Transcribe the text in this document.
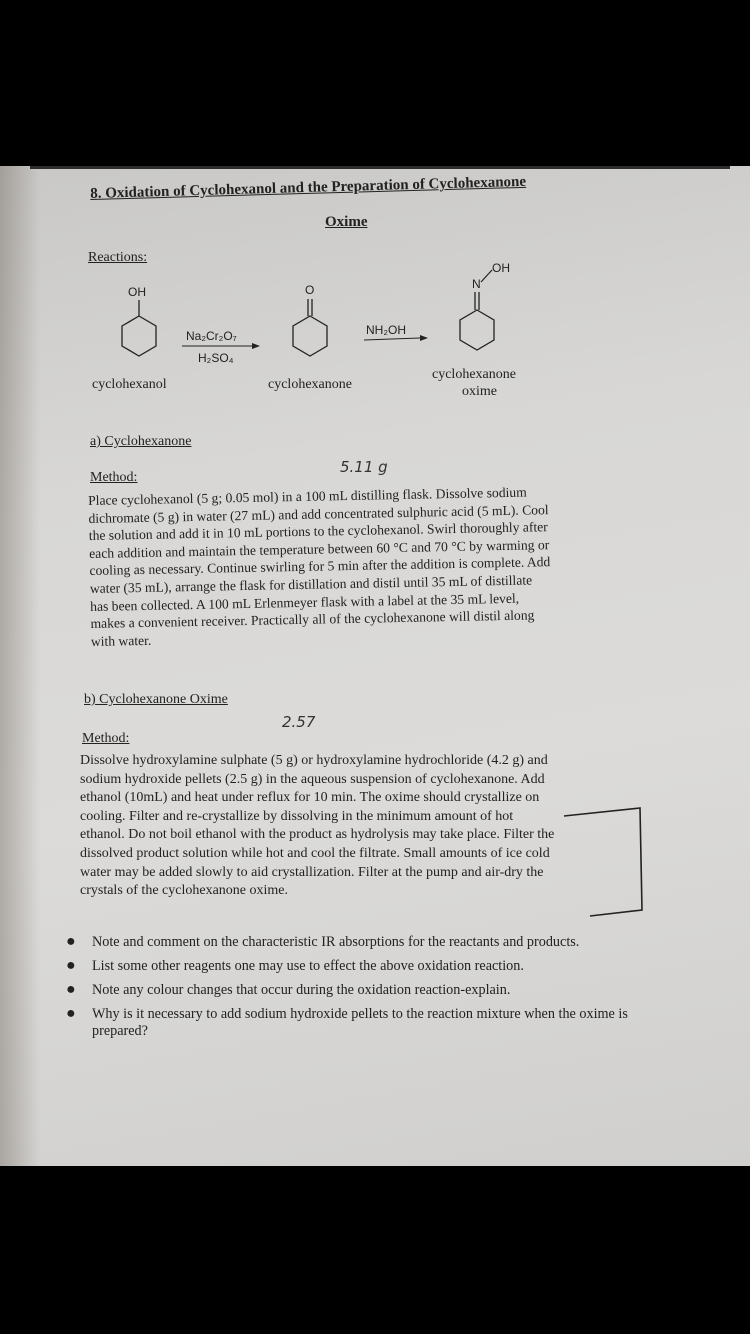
8. Oxidation of Cyclohexanol and the Preparation of Cyclohexanone
Oxime
Reactions:
OH
Na₂Cr₂O₇
H₂SO₄
O
NH₂OH
OH
N
cyclohexanol	cyclohexanone
cyclohexanone
oxime
a) Cyclohexanone
Method:
5.11 g
Place cyclohexanol (5 g; 0.05 mol) in a 100 mL distilling flask. Dissolve sodium
dichromate (5 g) in water (27 mL) and add concentrated sulphuric acid (5 mL). Cool
the solution and add it in 10 mL portions to the cyclohexanol. Swirl thoroughly after
each addition and maintain the temperature between 60 °C and 70 °C by warming or
cooling as necessary. Continue swirling for 5 min after the addition is complete. Add
water (35 mL), arrange the flask for distillation and distil until 35 mL of distillate
has been collected. A 100 mL Erlenmeyer flask with a label at the 35 mL level,
makes a convenient receiver. Practically all of the cyclohexanone will distil along
with water.
b) Cyclohexanone Oxime
Method:
2.57
Dissolve hydroxylamine sulphate (5 g) or hydroxylamine hydrochloride (4.2 g) and
sodium hydroxide pellets (2.5 g) in the aqueous suspension of cyclohexanone. Add
ethanol (10mL) and heat under reflux for 10 min. The oxime should crystallize on
cooling. Filter and re-crystallize by dissolving in the minimum amount of hot
ethanol. Do not boil ethanol with the product as hydrolysis may take place. Filter the
dissolved product solution while hot and cool the filtrate. Small amounts of ice cold
water may be added slowly to aid crystallization. Filter at the pump and air-dry the
crystals of the cyclohexanone oxime.
● Note and comment on the characteristic IR absorptions for the reactants and products.
● List some other reagents one may use to effect the above oxidation reaction.
● Note any colour changes that occur during the oxidation reaction-explain.
● Why is it necessary to add sodium hydroxide pellets to the reaction mixture when the oxime is prepared?
